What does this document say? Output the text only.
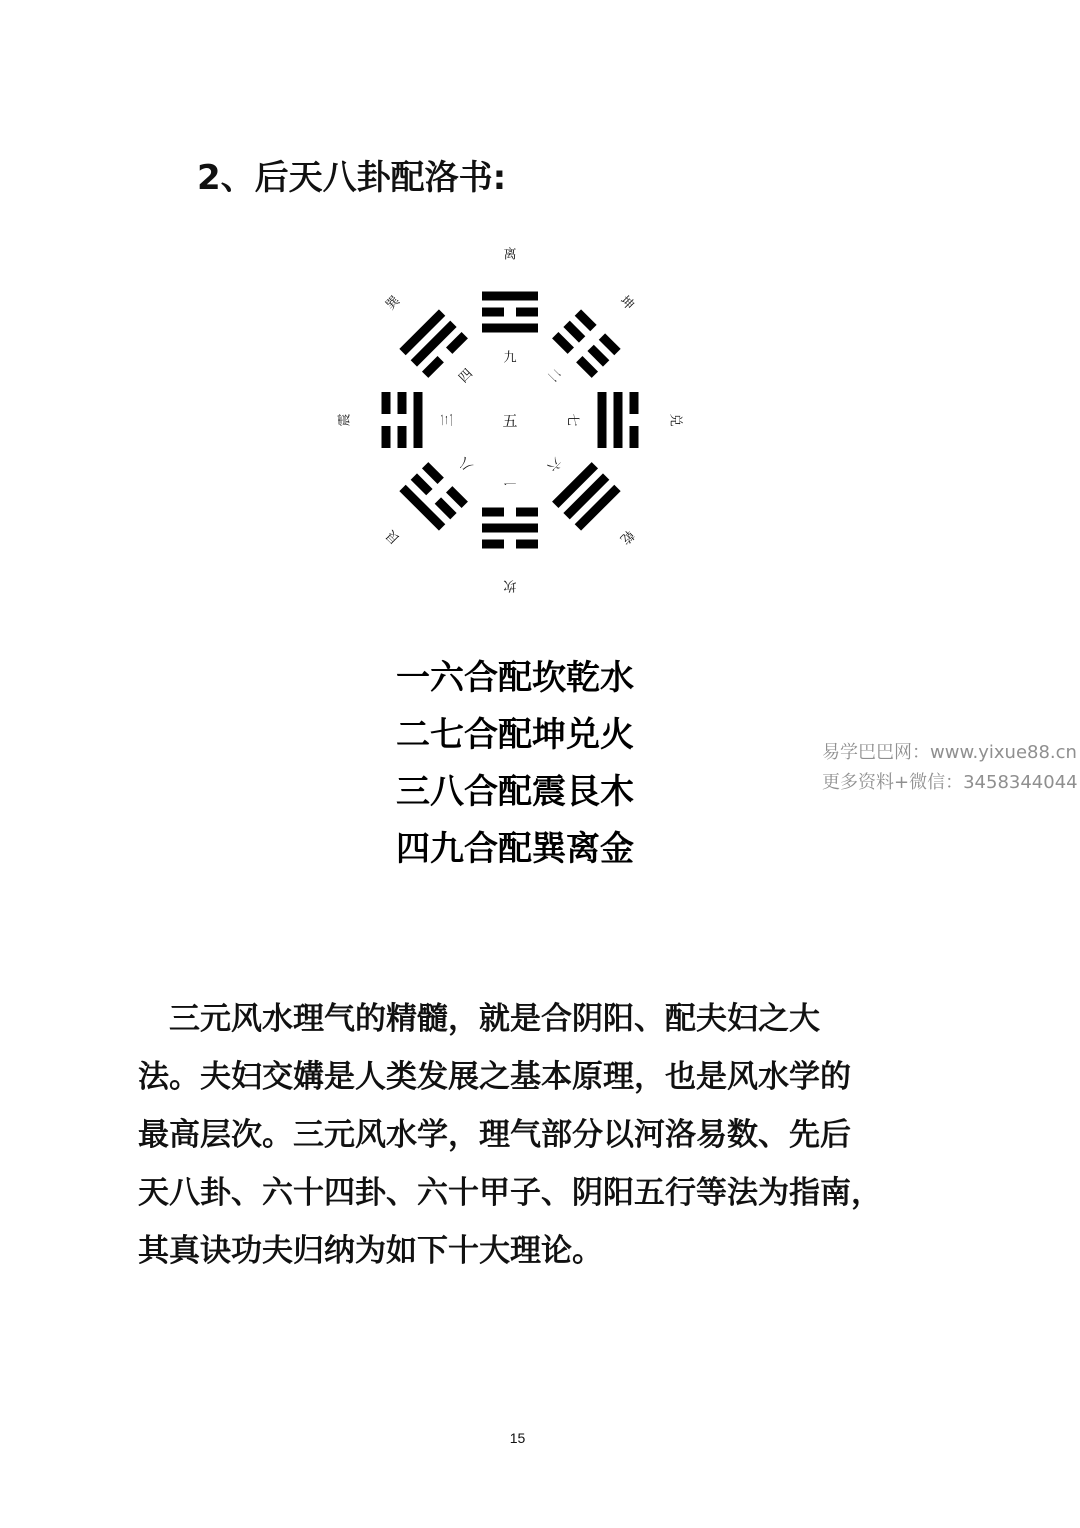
2、后天八卦配洛书:
五
九
离
二
坤
七	兑
六
乾
一
坎
八
艮
三
震
四
巽
一六合配坎乾水
二七合配坤兑火
三八合配震艮木
四九合配巽离金
易学巴巴网：www.yixue88.cn
更多资料+微信：3458344044
　三元风水理气的精髓，就是合阴阳、配夫妇之大
法。夫妇交媾是人类发展之基本原理，也是风水学的
最高层次。三元风水学，理气部分以河洛易数、先后
天八卦、六十四卦、六十甲子、阴阳五行等法为指南，
其真诀功夫归纳为如下十大理论。
15
